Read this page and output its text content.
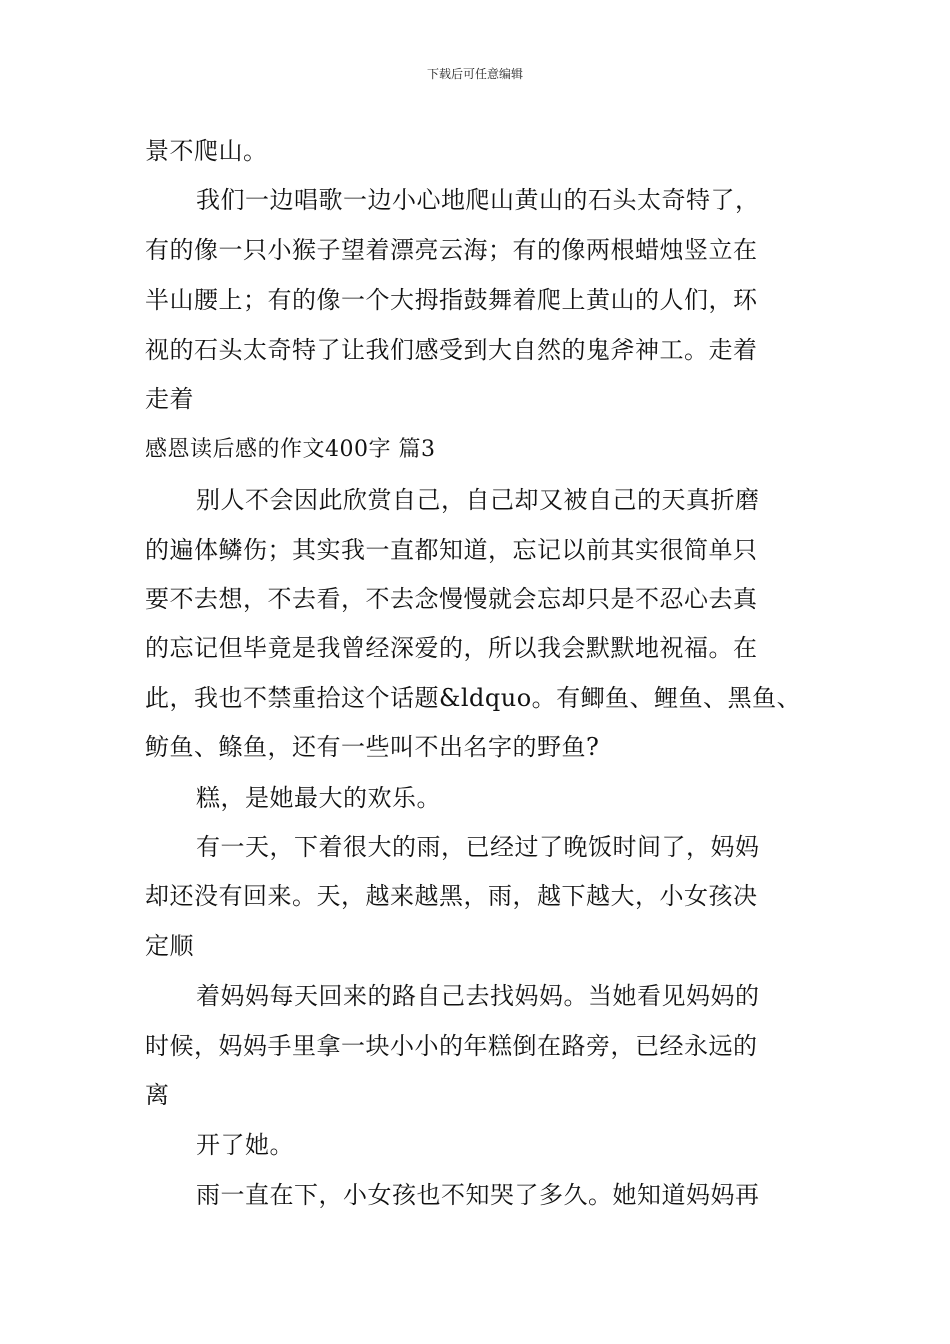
下载后可任意编辑
景不爬山。
我们一边唱歌一边小心地爬山黄山的石头太奇特了，
有的像一只小猴子望着漂亮云海；有的像两根蜡烛竖立在
半山腰上；有的像一个大拇指鼓舞着爬上黄山的人们，环
视的石头太奇特了让我们感受到大自然的鬼斧神工。走着
走着
感恩读后感的作文400字 篇3
别人不会因此欣赏自己，自己却又被自己的天真折磨
的遍体鳞伤；其实我一直都知道，忘记以前其实很简单只
要不去想，不去看，不去念慢慢就会忘却只是不忍心去真
的忘记但毕竟是我曾经深爱的，所以我会默默地祝福。在
此，我也不禁重拾这个话题&ldquo。有鲫鱼、鲤鱼、黑鱼、
鲂鱼、鲦鱼，还有一些叫不出名字的野鱼?
糕，是她最大的欢乐。
有一天，下着很大的雨，已经过了晚饭时间了，妈妈
却还没有回来。天，越来越黑，雨，越下越大，小女孩决
定顺
着妈妈每天回来的路自己去找妈妈。当她看见妈妈的
时候，妈妈手里拿一块小小的年糕倒在路旁，已经永远的
离
开了她。
雨一直在下，小女孩也不知哭了多久。她知道妈妈再
